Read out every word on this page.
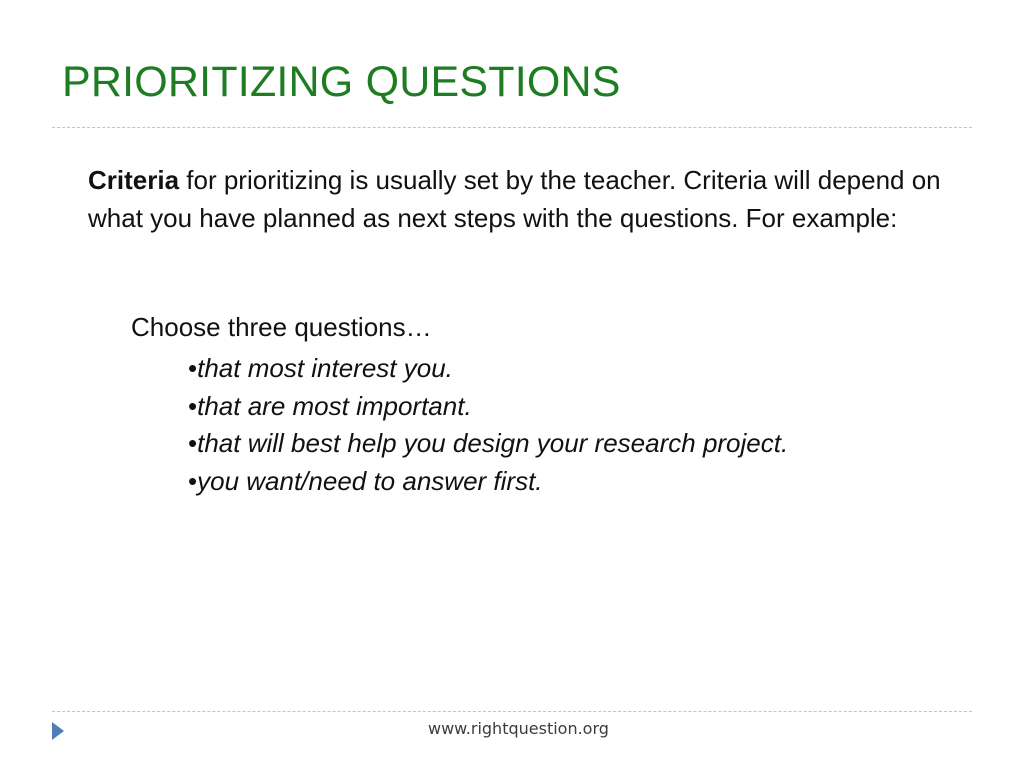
PRIORITIZING QUESTIONS
Criteria for prioritizing is usually set by the teacher. Criteria will depend on what you have planned as next steps with the questions. For example:
Choose three questions…
•that most interest you.
•that are most important.
•that will best help you design your research project.
•you want/need to answer first.
www.rightquestion.org
